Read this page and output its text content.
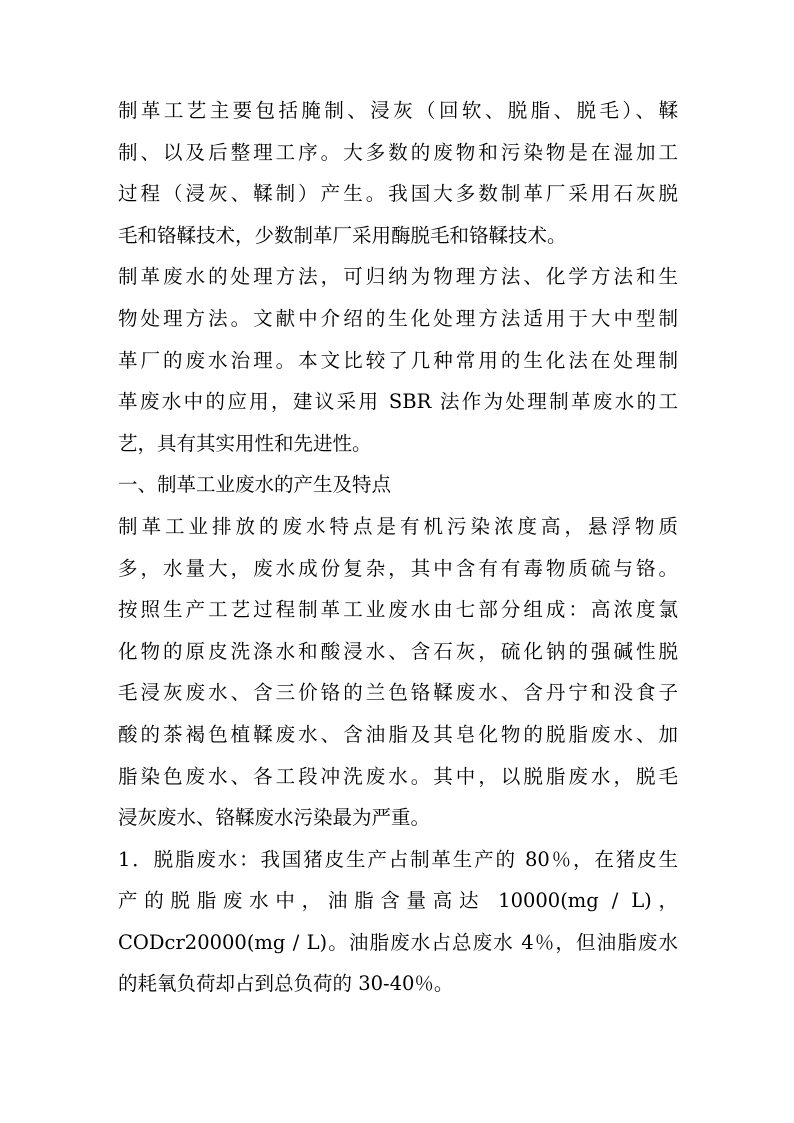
制革工艺主要包括腌制、浸灰（回软、脱脂、脱毛）、鞣
制、以及后整理工序。大多数的废物和污染物是在湿加工
过程（浸灰、鞣制）产生。我国大多数制革厂采用石灰脱
毛和铬鞣技术，少数制革厂采用酶脱毛和铬鞣技术。
制革废水的处理方法，可归纳为物理方法、化学方法和生
物处理方法。文献中介绍的生化处理方法适用于大中型制
革厂的废水治理。本文比较了几种常用的生化法在处理制
革废水中的应用，建议采用 SBR 法作为处理制革废水的工
艺，具有其实用性和先进性。
一、制革工业废水的产生及特点
制革工业排放的废水特点是有机污染浓度高，悬浮物质
多，水量大，废水成份复杂，其中含有有毒物质硫与铬。
按照生产工艺过程制革工业废水由七部分组成：高浓度氯
化物的原皮洗涤水和酸浸水、含石灰，硫化钠的强碱性脱
毛浸灰废水、含三价铬的兰色铬鞣废水、含丹宁和没食子
酸的茶褐色植鞣废水、含油脂及其皂化物的脱脂废水、加
脂染色废水、各工段冲洗废水。其中，以脱脂废水，脱毛
浸灰废水、铬鞣废水污染最为严重。
1．脱脂废水：我国猪皮生产占制革生产的 80％，在猪皮生
产的脱脂废水中，油脂含量高达 10000(mg / L)，
CODcr20000(mg / L)。油脂废水占总废水 4％，但油脂废水
的耗氧负荷却占到总负荷的 30-40％。
